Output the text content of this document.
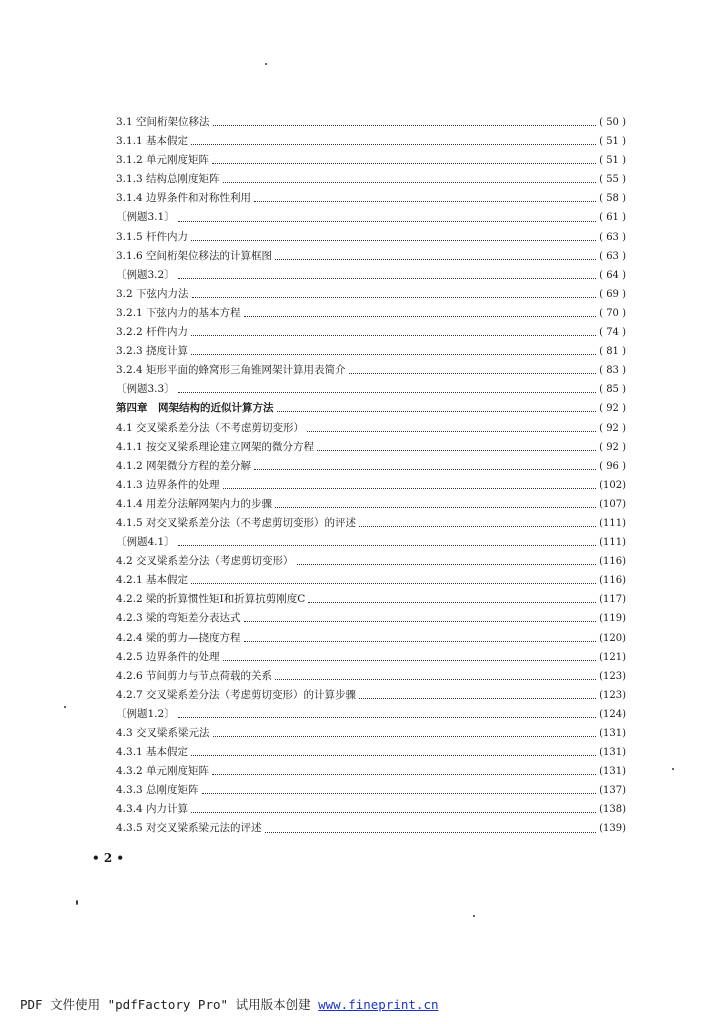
3.1 空间桁架位移法	( 50 )
3.1.1 基本假定	( 51 )
3.1.2 单元刚度矩阵	( 51 )
3.1.3 结构总刚度矩阵	( 55 )
3.1.4 边界条件和对称性利用	( 58 )
〔例题3.1〕	( 61 )
3.1.5 杆件内力	( 63 )
3.1.6 空间桁架位移法的计算框图	( 63 )
〔例题3.2〕	( 64 )
3.2 下弦内力法	( 69 )
3.2.1 下弦内力的基本方程	( 70 )
3.2.2 杆件内力	( 74 )
3.2.3 挠度计算	( 81 )
3.2.4 矩形平面的蜂窝形三角锥网架计算用表简介	( 83 )
〔例题3.3〕	( 85 )
第四章　网架结构的近似计算方法	( 92 )
4.1 交叉梁系差分法（不考虑剪切变形）	( 92 )
4.1.1 按交叉梁系理论建立网架的微分方程	( 92 )
4.1.2 网架微分方程的差分解	( 96 )
4.1.3 边界条件的处理	(102)
4.1.4 用差分法解网架内力的步骤	(107)
4.1.5 对交叉梁系差分法（不考虑剪切变形）的评述	(111)
〔例题4.1〕	(111)
4.2 交叉梁系差分法（考虑剪切变形）	(116)
4.2.1 基本假定	(116)
4.2.2 梁的折算惯性矩I和折算抗剪刚度C	(117)
4.2.3 梁的弯矩差分表达式	(119)
4.2.4 梁的剪力—挠度方程	(120)
4.2.5 边界条件的处理	(121)
4.2.6 节间剪力与节点荷载的关系	(123)
4.2.7 交叉梁系差分法（考虑剪切变形）的计算步骤	(123)
〔例题1.2〕	(124)
4.3 交叉梁系梁元法	(131)
4.3.1 基本假定	(131)
4.3.2 单元刚度矩阵	(131)
4.3.3 总刚度矩阵	(137)
4.3.4 内力计算	(138)
4.3.5 对交叉梁系梁元法的评述	(139)
• 2 •
PDF 文件使用 "pdfFactory Pro" 试用版本创建 www.fineprint.cn
